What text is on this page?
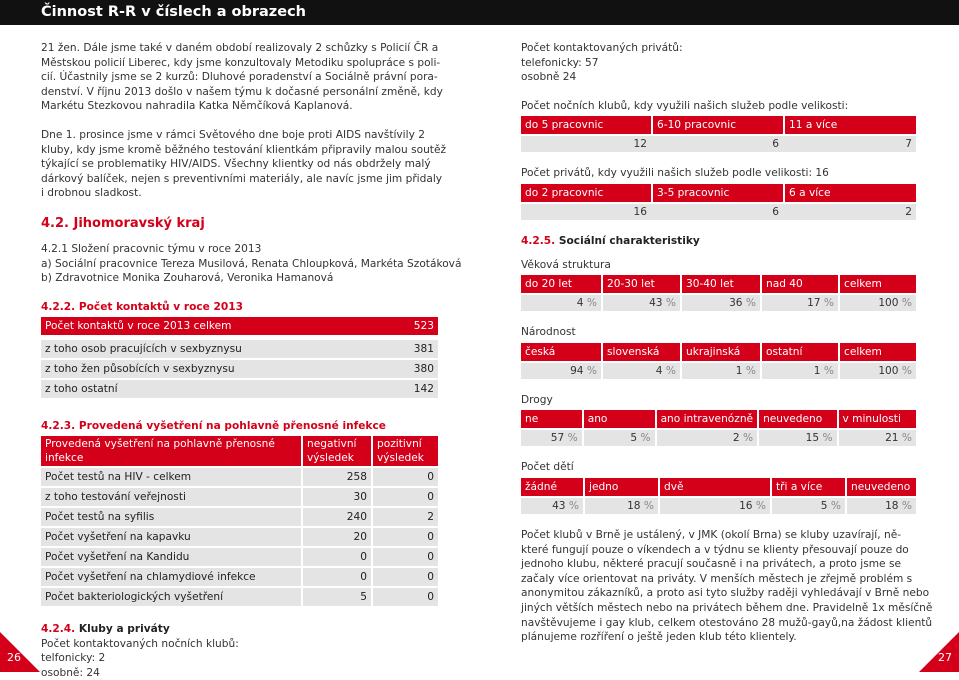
Činnost R-R v číslech a obrazech
21 žen. Dále jsme také v daném období realizovaly 2 schůzky s Policií ČR a
Městskou policií Liberec, kdy jsme konzultovaly Metodiku spolupráce s poli-
cií. Účastnily jsme se 2 kurzů: Dluhové poradenství a Sociálně právní pora-
denství. V říjnu 2013 došlo v našem týmu k dočasné personální změně, kdy
Markétu Stezkovou nahradila Katka Němčíková Kaplanová.
Dne 1. prosince jsme v rámci Světového dne boje proti AIDS navštívily 2
kluby, kdy jsme kromě běžného testování klientkám připravily malou soutěž
týkající se problematiky HIV/AIDS. Všechny klientky od nás obdržely malý
dárkový balíček, nejen s preventivními materiály, ale navíc jsme jim přidaly
i drobnou sladkost.
4.2. Jihomoravský kraj
4.2.1 Složení pracovnic týmu v roce 2013
a) Sociální pracovnice Tereza Musilová, Renata Chloupková, Markéta Szotáková
b) Zdravotnice Monika Zouharová, Veronika Hamanová
4.2.2. Počet kontaktů v roce 2013
Počet kontaktů v roce 2013 celkem	523
z toho osob pracujících v sexbyznysu	381
z toho žen působících v sexbyznysu	380
z toho ostatní	142
4.2.3. Provedená vyšetření na pohlavně přenosné infekce
Provedená vyšetření na pohlavně přenosné infekce	negativní výsledek	pozitivní výsledek
Počet testů na HIV - celkem	258	0
z toho testování veřejnosti	30	0
Počet testů na syfilis	240	2
Počet vyšetření na kapavku	20	0
Počet vyšetření na Kandidu	0	0
Počet vyšetření na chlamydiové infekce	0	0
Počet bakteriologických vyšetření	5	0
4.2.4. Kluby a priváty
Počet kontaktovaných nočních klubů:
telfonicky: 2
osobně: 24
Počet kontaktovaných privátů:
telefonicky: 57
osobně 24
Počet nočních klubů, kdy využili našich služeb podle velikosti:
do 5 pracovnic	6-10 pracovnic	11 a více
12	6	7
Počet privátů, kdy využili našich služeb podle velikosti: 16
do 2 pracovnic	3-5 pracovnic	6 a více
16	6	2
4.2.5. Sociální charakteristiky
Věková struktura
do 20 let	20-30 let	30-40 let	nad 40	celkem
4 %	43 %	36 %	17 %	100 %
Národnost
česká	slovenská	ukrajinská	ostatní	celkem
94 %	4 %	1 %	1 %	100 %
Drogy
ne	ano	ano intravenózně	neuvedeno	v minulosti
57 %	5 %	2 %	15 %	21 %
Počet dětí
žádné	jedno	dvě	tři a více	neuvedeno
43 %	18 %	16 %	5 %	18 %
Počet klubů v Brně je ustálený, v JMK (okolí Brna) se kluby uzavírají, ně-
které fungují pouze o víkendech a v týdnu se klienty přesouvají pouze do
jednoho klubu, některé pracují současně i na privátech, a proto jsme se
začaly více orientovat na priváty. V menších městech je zřejmě problém s
anonymitou zákazníků, a proto asi tyto služby raději vyhledávají v Brně nebo
jiných větších městech nebo na privátech během dne. Pravidelně 1x měsíčně
navštěvujeme i gay klub, celkem otestováno 28 mužů-gayů,na žádost klientů
plánujeme rozříření o ještě jeden klub této klientely.
26	27
